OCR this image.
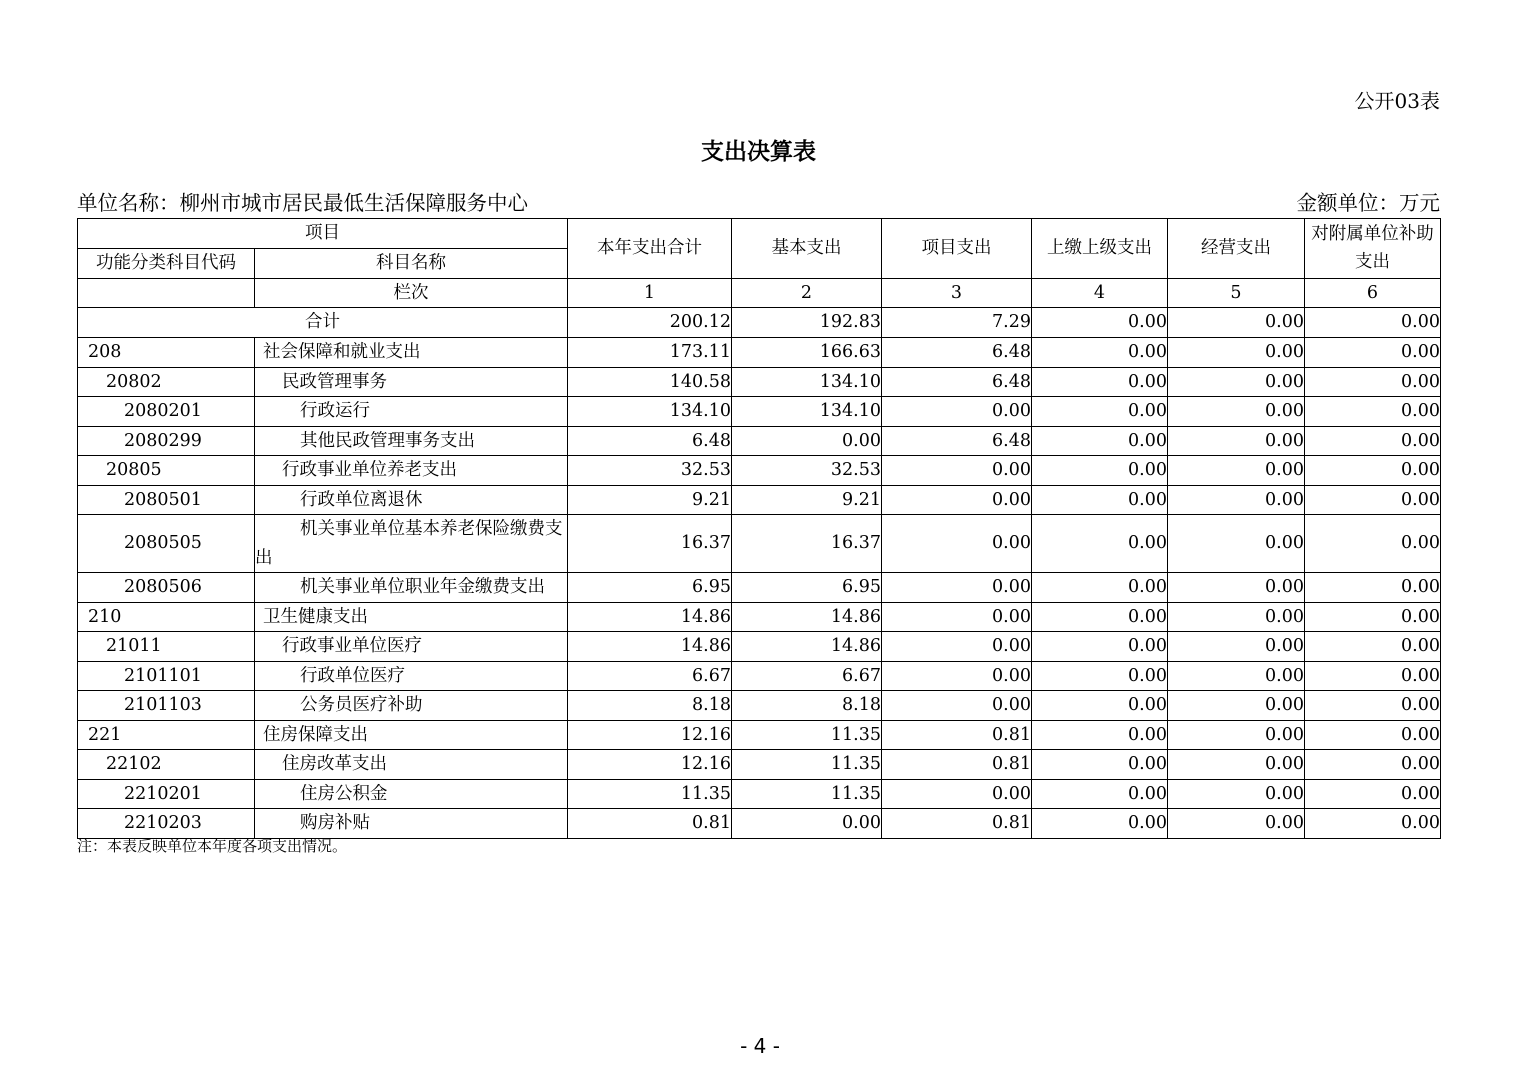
公开03表
支出决算表
单位名称：柳州市城市居民最低生活保障服务中心	金额单位：万元
项目		本年支出合计	基本支出	项目支出	上缴上级支出	经营支出	对附属单位补助支出
功能分类科目代码	科目名称						
	栏次	1	2	3	4	5	6
合计		200.12	192.83	7.29	0.00	0.00	0.00
208	社会保障和就业支出	173.11	166.63	6.48	0.00	0.00	0.00
20802	民政管理事务	140.58	134.10	6.48	0.00	0.00	0.00
2080201	行政运行	134.10	134.10	0.00	0.00	0.00	0.00
2080299	其他民政管理事务支出	6.48	0.00	6.48	0.00	0.00	0.00
20805	行政事业单位养老支出	32.53	32.53	0.00	0.00	0.00	0.00
2080501	行政单位离退休	9.21	9.21	0.00	0.00	0.00	0.00
2080505	机关事业单位基本养老保险缴费支出	16.37	16.37	0.00	0.00	0.00	0.00
2080506	机关事业单位职业年金缴费支出	6.95	6.95	0.00	0.00	0.00	0.00
210	卫生健康支出	14.86	14.86	0.00	0.00	0.00	0.00
21011	行政事业单位医疗	14.86	14.86	0.00	0.00	0.00	0.00
2101101	行政单位医疗	6.67	6.67	0.00	0.00	0.00	0.00
2101103	公务员医疗补助	8.18	8.18	0.00	0.00	0.00	0.00
221	住房保障支出	12.16	11.35	0.81	0.00	0.00	0.00
22102	住房改革支出	12.16	11.35	0.81	0.00	0.00	0.00
2210201	住房公积金	11.35	11.35	0.00	0.00	0.00	0.00
2210203	购房补贴	0.81	0.00	0.81	0.00	0.00	0.00
注：本表反映单位本年度各项支出情况。
- 4 -
